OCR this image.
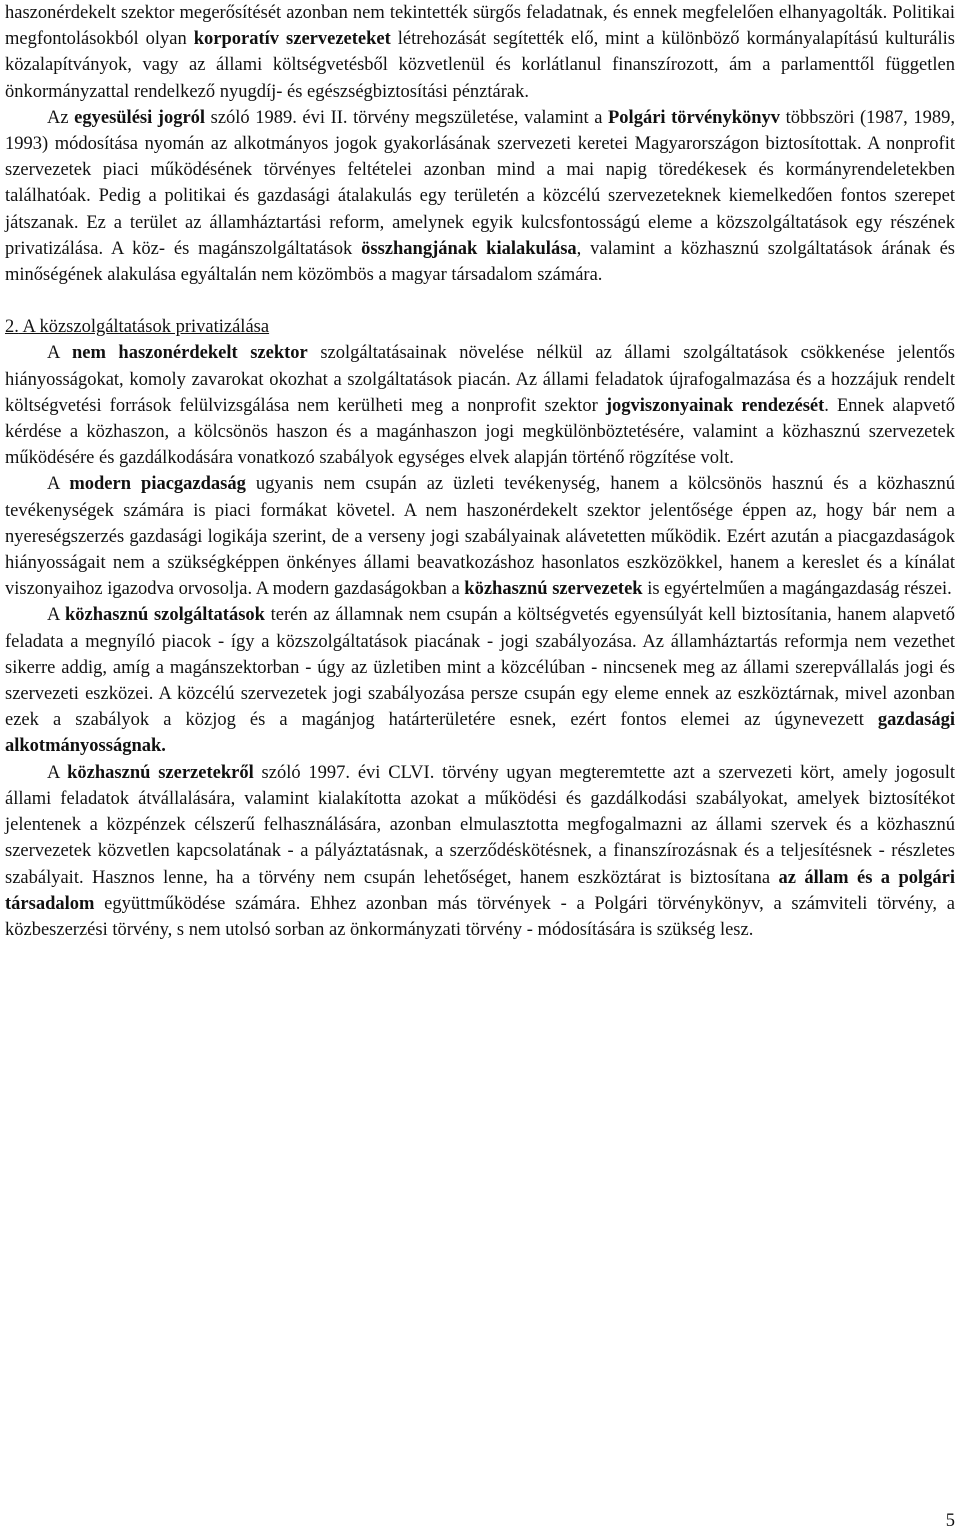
haszonérdekelt szektor megerősítését azonban nem tekintették sürgős feladatnak, és ennek megfelelően elhanyagolták. Politikai megfontolásokból olyan korporatív szervezeteket létrehozását segítették elő, mint a különböző kormányalapítású kulturális közalapítványok, vagy az állami költségvetésből közvetlenül és korlátlanul finanszírozott, ám a parlamenttől független önkormányzattal rendelkező nyugdíj- és egészségbiztosítási pénztárak.

Az egyesülési jogról szóló 1989. évi II. törvény megszületése, valamint a Polgári törvénykönyv többszöri (1987, 1989, 1993) módosítása nyomán az alkotmányos jogok gyakorlásának szervezeti keretei Magyarországon biztosítottak. A nonprofit szervezetek piaci működésének törvényes feltételei azonban mind a mai napig töredékesek és kormányrendeletekben találhatóak. Pedig a politikai és gazdasági átalakulás egy területén a közcélú szervezeteknek kiemelkedően fontos szerepet játszanak. Ez a terület az államháztartási reform, amelynek egyik kulcsfontosságú eleme a közszolgáltatások egy részének privatizálása. A köz- és magánszolgáltatások összhangjának kialakulása, valamint a közhasznú szolgáltatások árának és minőségének alakulása egyáltalán nem közömbös a magyar társadalom számára.

2. A közszolgáltatások privatizálása

A nem haszonérdekelt szektor szolgáltatásainak növelése nélkül az állami szolgáltatások csökkenése jelentős hiányosságokat, komoly zavarokat okozhat a szolgáltatások piacán. Az állami feladatok újrafogalmazása és a hozzájuk rendelt költségvetési források felülvizsgálása nem kerülheti meg a nonprofit szektor jogviszonyainak rendezését. Ennek alapvető kérdése a közhaszon, a kölcsönös haszon és a magánhaszon jogi megkülönböztetésére, valamint a közhasznú szervezetek működésére és gazdálkodására vonatkozó szabályok egységes elvek alapján történő rögzítése volt.

A modern piacgazdaság ugyanis nem csupán az üzleti tevékenység, hanem a kölcsönös hasznú és a közhasznú tevékenységek számára is piaci formákat követel. A nem haszonérdekelt szektor jelentősége éppen az, hogy bár nem a nyereségszerzés gazdasági logikája szerint, de a verseny jogi szabályainak alávetetten működik. Ezért azután a piacgazdaságok hiányosságait nem a szükségképpen önkényes állami beavatkozáshoz hasonlatos eszközökkel, hanem a kereslet és a kínálat viszonyaihoz igazodva orvosolja. A modern gazdaságokban a közhasznú szervezetek is egyértelműen a magángazdaság részei.

A közhasznú szolgáltatások terén az államnak nem csupán a költségvetés egyensúlyát kell biztosítania, hanem alapvető feladata a megnyíló piacok - így a közszolgáltatások piacának - jogi szabályozása. Az államháztartás reformja nem vezethet sikerre addig, amíg a magánszektorban - úgy az üzletiben mint a közcélúban - nincsenek meg az állami szerepvállalás jogi és szervezeti eszközei. A közcélú szervezetek jogi szabályozása persze csupán egy eleme ennek az eszköztárnak, mivel azonban ezek a szabályok a közjog és a magánjog határterületére esnek, ezért fontos elemei az úgynevezett gazdasági alkotmányosságnak.

A közhasznú szerzetekről szóló 1997. évi CLVI. törvény ugyan megteremtette azt a szervezeti kört, amely jogosult állami feladatok átvállalására, valamint kialakította azokat a működési és gazdálkodási szabályokat, amelyek biztosítékot jelentenek a közpénzek célszerű felhasználására, azonban elmulasztotta megfogalmazni az állami szervek és a közhasznú szervezetek közvetlen kapcsolatának - a pályáztatásnak, a szerződéskötésnek, a finanszírozásnak és a teljesítésnek - részletes szabályait. Hasznos lenne, ha a törvény nem csupán lehetőséget, hanem eszköztárat is biztosítana az állam és a polgári társadalom együttműködése számára. Ehhez azonban más törvények - a Polgári törvénykönyv, a számviteli törvény, a közbeszerzési törvény, s nem utolsó sorban az önkormányzati törvény - módosítására is szükség lesz.

5
